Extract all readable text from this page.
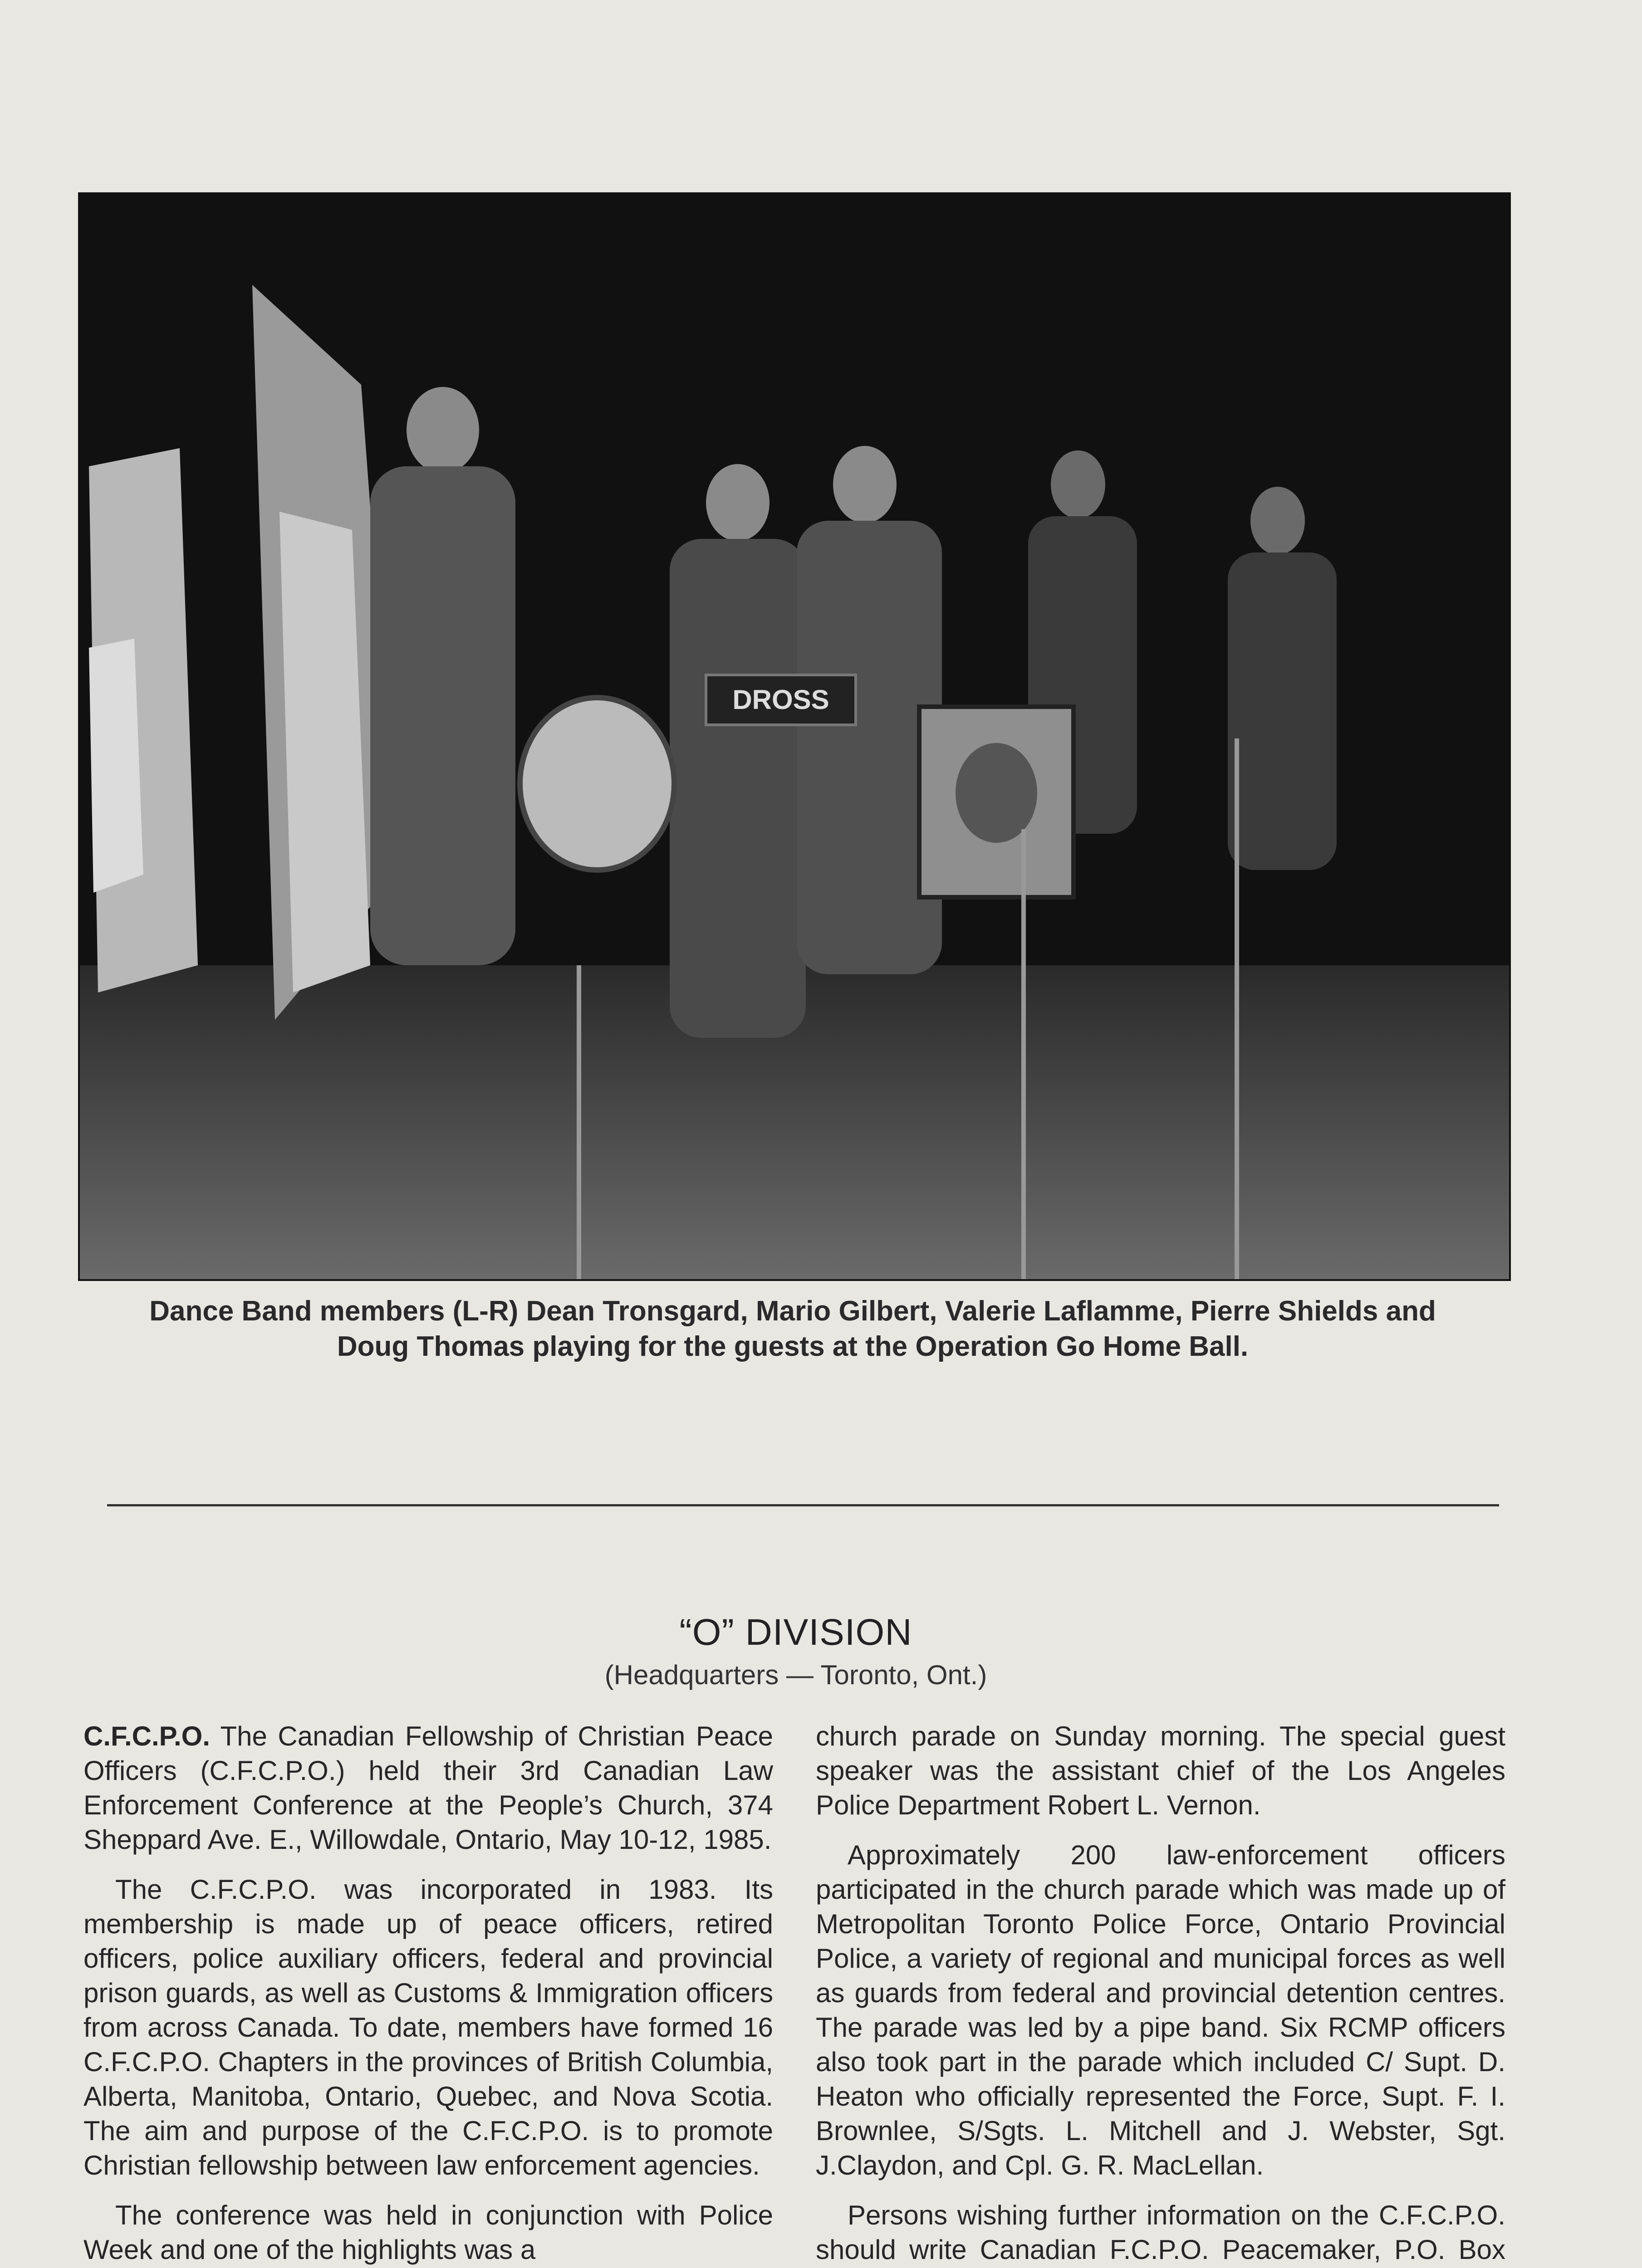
DROSS
Dance Band members (L-R) Dean Tronsgard, Mario Gilbert, Valerie Laflamme, Pierre Shields and
Doug Thomas playing for the guests at the Operation Go Home Ball.
“O” DIVISION
(Headquarters — Toronto, Ont.)

C.F.C.P.O. The Canadian Fellowship of Christian Peace Officers (C.F.C.P.O.) held their 3rd Canadian Law Enforcement Conference at the People’s Church, 374 Sheppard Ave. E., Willowdale, Ontario, May 10-12, 1985.

The C.F.C.P.O. was incorporated in 1983. Its membership is made up of peace officers, retired officers, police auxiliary officers, federal and provincial prison guards, as well as Customs & Immigration officers from across Canada. To date, members have formed 16 C.F.C.P.O. Chapters in the provinces of British Columbia, Alberta, Manitoba, Ontario, Quebec, and Nova Scotia. The aim and purpose of the C.F.C.P.O. is to promote Christian fellowship between law enforcement agencies.

The conference was held in conjunction with Police Week and one of the highlights was a

church parade on Sunday morning. The special guest speaker was the assistant chief of the Los Angeles Police Department Robert L. Vernon.

Approximately 200 law-enforcement officers participated in the church parade which was made up of Metropolitan Toronto Police Force, Ontario Provincial Police, a variety of regional and municipal forces as well as guards from federal and provincial detention centres. The parade was led by a pipe band. Six RCMP officers also took part in the parade which included C/ Supt. D. Heaton who officially represented the Force, Supt. F. I. Brownlee, S/Sgts. L. Mitchell and J. Webster, Sgt. J.Claydon, and Cpl. G. R. MacLellan.

Persons wishing further information on the C.F.C.P.O. should write Canadian F.C.P.O. Peacemaker, P.O. Box
